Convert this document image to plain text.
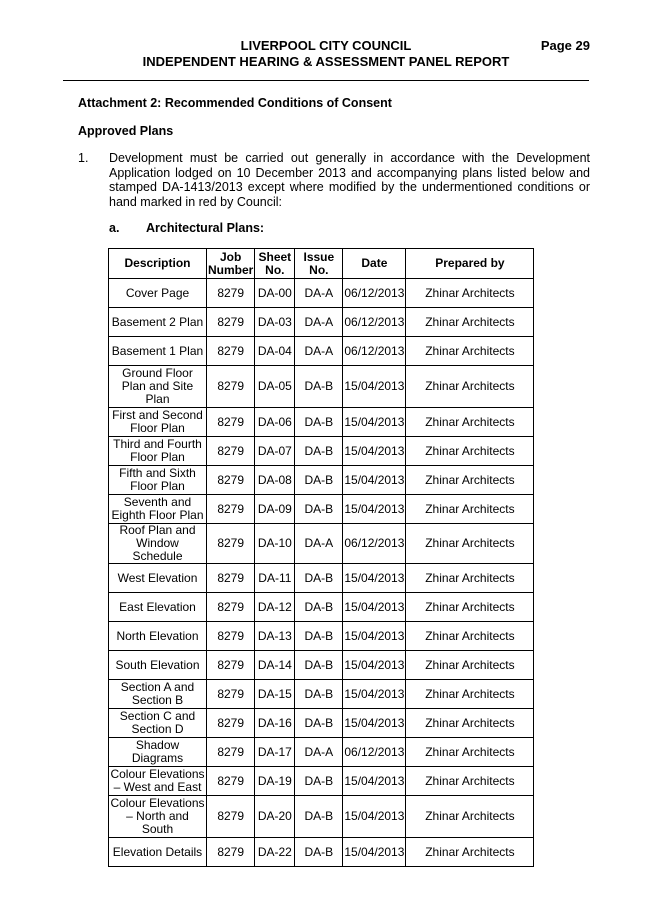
LIVERPOOL CITY COUNCIL	Page 29
INDEPENDENT HEARING & ASSESSMENT PANEL REPORT
Attachment 2: Recommended Conditions of Consent
Approved Plans
1. Development must be carried out generally in accordance with the Development Application lodged on 10 December 2013 and accompanying plans listed below and stamped DA-1413/2013 except where modified by the undermentioned conditions or hand marked in red by Council:
a. Architectural Plans:
Description	Job Number	Sheet No.	Issue No.	Date	Prepared by
Cover Page	8279	DA-00	DA-A	06/12/2013	Zhinar Architects
Basement 2 Plan	8279	DA-03	DA-A	06/12/2013	Zhinar Architects
Basement 1 Plan	8279	DA-04	DA-A	06/12/2013	Zhinar Architects
Ground Floor Plan and Site Plan	8279	DA-05	DA-B	15/04/2013	Zhinar Architects
First and Second Floor Plan	8279	DA-06	DA-B	15/04/2013	Zhinar Architects
Third and Fourth Floor Plan	8279	DA-07	DA-B	15/04/2013	Zhinar Architects
Fifth and Sixth Floor Plan	8279	DA-08	DA-B	15/04/2013	Zhinar Architects
Seventh and Eighth Floor Plan	8279	DA-09	DA-B	15/04/2013	Zhinar Architects
Roof Plan and Window Schedule	8279	DA-10	DA-A	06/12/2013	Zhinar Architects
West Elevation	8279	DA-11	DA-B	15/04/2013	Zhinar Architects
East Elevation	8279	DA-12	DA-B	15/04/2013	Zhinar Architects
North Elevation	8279	DA-13	DA-B	15/04/2013	Zhinar Architects
South Elevation	8279	DA-14	DA-B	15/04/2013	Zhinar Architects
Section A and Section B	8279	DA-15	DA-B	15/04/2013	Zhinar Architects
Section C and Section D	8279	DA-16	DA-B	15/04/2013	Zhinar Architects
Shadow Diagrams	8279	DA-17	DA-A	06/12/2013	Zhinar Architects
Colour Elevations – West and East	8279	DA-19	DA-B	15/04/2013	Zhinar Architects
Colour Elevations – North and South	8279	DA-20	DA-B	15/04/2013	Zhinar Architects
Elevation Details	8279	DA-22	DA-B	15/04/2013	Zhinar Architects
